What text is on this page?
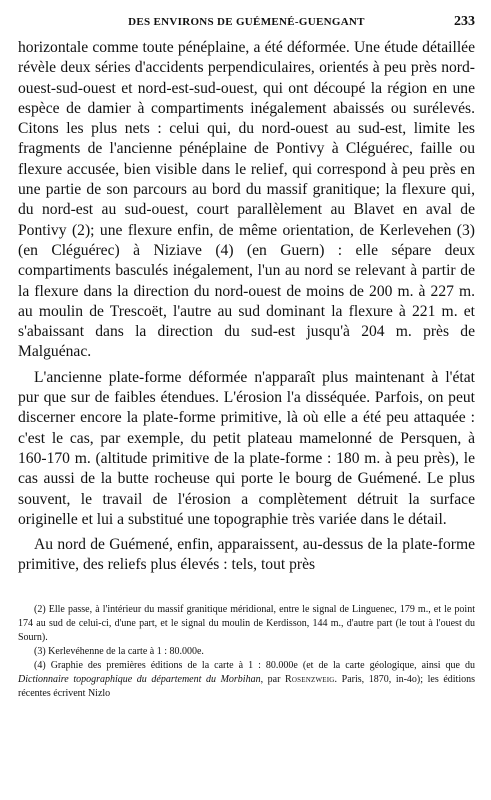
DES ENVIRONS DE GUÉMENÉ-GUENGANT	233

horizontale comme toute pénéplaine, a été déformée. Une étude détaillée révèle deux séries d'accidents perpendiculaires, orientés à peu près nord-ouest-sud-ouest et nord-est-sud-ouest, qui ont découpé la région en une espèce de damier à compartiments inégalement abaissés ou surélevés. Citons les plus nets : celui qui, du nord-ouest au sud-est, limite les fragments de l'ancienne pénéplaine de Pontivy à Cléguérec, faille ou flexure accusée, bien visible dans le relief, qui correspond à peu près en une partie de son parcours au bord du massif granitique; la flexure qui, du nord-est au sud-ouest, court parallèlement au Blavet en aval de Pontivy (2); une flexure enfin, de même orientation, de Kerlevehen (3) (en Cléguérec) à Niziave (4) (en Guern) : elle sépare deux compartiments basculés inégalement, l'un au nord se relevant à partir de la flexure dans la direction du nord-ouest de moins de 200 m. à 227 m. au moulin de Trescoët, l'autre au sud dominant la flexure à 221 m. et s'abaissant dans la direction du sud-est jusqu'à 204 m. près de Malguénac.

L'ancienne plate-forme déformée n'apparaît plus maintenant à l'état pur que sur de faibles étendues. L'érosion l'a disséquée. Parfois, on peut discerner encore la plate-forme primitive, là où elle a été peu attaquée : c'est le cas, par exemple, du petit plateau mamelonné de Persquen, à 160-170 m. (altitude primitive de la plate-forme : 180 m. à peu près), le cas aussi de la butte rocheuse qui porte le bourg de Guémené. Le plus souvent, le travail de l'érosion a complètement détruit la surface originelle et lui a substitué une topographie très variée dans le détail.

Au nord de Guémené, enfin, apparaissent, au-dessus de la plate-forme primitive, des reliefs plus élevés : tels, tout près

(2) Elle passe, à l'intérieur du massif granitique méridional, entre le signal de Linguenec, 179 m., et le point 174 au sud de celui-ci, d'une part, et le signal du moulin de Kerdisson, 144 m., d'autre part (le tout à l'ouest du Sourn).

(3) Kerlevéhenne de la carte à 1 : 80.000e.

(4) Graphie des premières éditions de la carte à 1 : 80.000e (et de la carte géologique, ainsi que du Dictionnaire topographique du département du Morbihan, par Rosenzweig. Paris, 1870, in-4o); les éditions récentes écrivent Nizlo
